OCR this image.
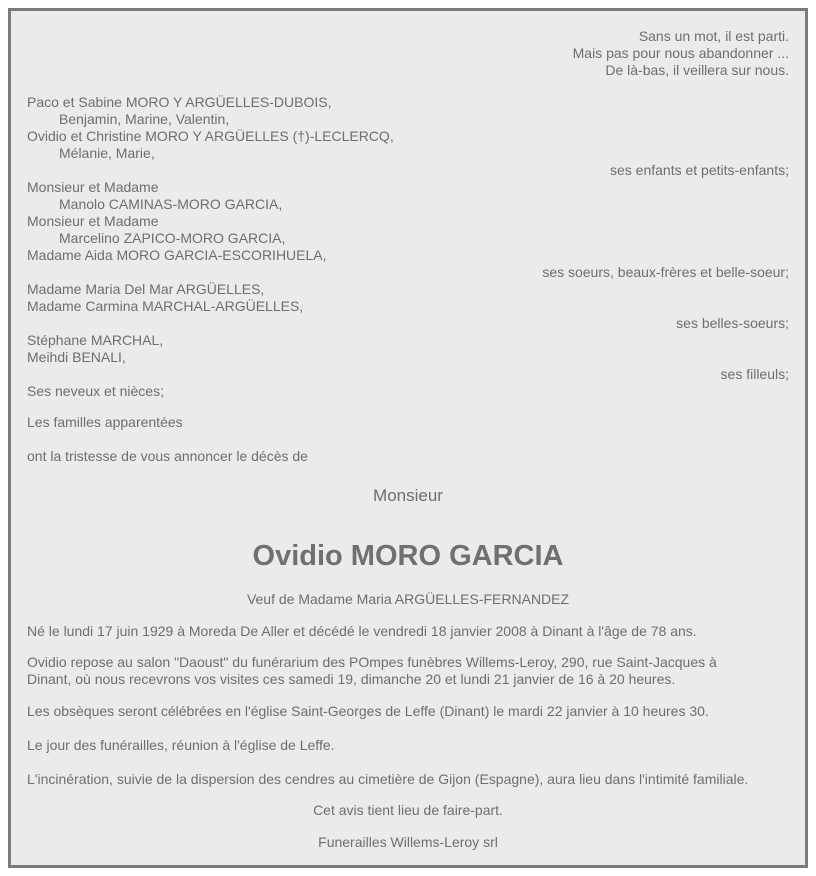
Sans un mot, il est parti.
Mais pas pour nous abandonner ...
De là-bas, il veillera sur nous.
Paco et Sabine MORO Y ARGÜELLES-DUBOIS,
Benjamin, Marine, Valentin,
Ovidio et Christine MORO Y ARGÜELLES (†)-LECLERCQ,
Mélanie, Marie,
ses enfants et petits-enfants;
Monsieur et Madame
Manolo CAMINAS-MORO GARCIA,
Monsieur et Madame
Marcelino ZAPICO-MORO GARCIA,
Madame Aida MORO GARCIA-ESCORIHUELA,
ses soeurs, beaux-frères et belle-soeur;
Madame Maria Del Mar ARGÜELLES,
Madame Carmina MARCHAL-ARGÜELLES,
ses belles-soeurs;
Stéphane MARCHAL,
Meihdi BENALI,
ses filleuls;
Ses neveux et nièces;
Les familles apparentées
ont la tristesse de vous annoncer le décès de
Monsieur
Ovidio MORO GARCIA
Veuf de Madame Maria ARGÜELLES-FERNANDEZ
Né le lundi 17 juin 1929 à Moreda De Aller et décédé le vendredi 18 janvier 2008 à Dinant à l'âge de 78 ans.
Ovidio repose au salon "Daoust" du funérarium des POmpes funèbres Willems-Leroy, 290, rue Saint-Jacques à
Dinant, où nous recevrons vos visites ces samedi 19, dimanche 20 et lundi 21 janvier de 16 à 20 heures.
Les obsèques seront célébrées en l'église Saint-Georges de Leffe (Dinant) le mardi 22 janvier à 10 heures 30.
Le jour des funérailles, réunion à l'église de Leffe.
L'incinération, suivie de la dispersion des cendres au cimetière de Gijon (Espagne), aura lieu dans l'intimité familiale.
Cet avis tient lieu de faire-part.
Funerailles Willems-Leroy srl
